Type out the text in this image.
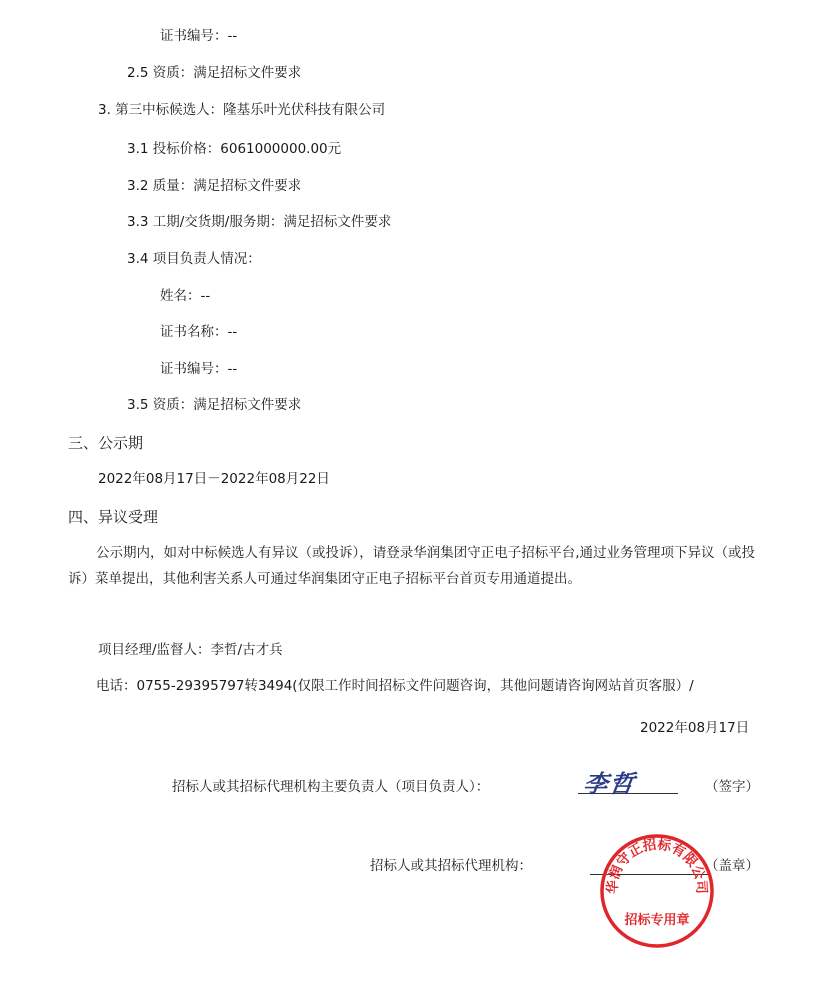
证书编号：--
2.5 资质：满足招标文件要求
3. 第三中标候选人：隆基乐叶光伏科技有限公司
3.1 投标价格：6061000000.00元
3.2 质量：满足招标文件要求
3.3 工期/交货期/服务期：满足招标文件要求
3.4 项目负责人情况：
姓名：--
证书名称：--
证书编号：--
3.5 资质：满足招标文件要求
三、公示期
2022年08月17日－2022年08月22日
四、异议受理
公示期内，如对中标候选人有异议（或投诉），请登录华润集团守正电子招标平台,通过业务管理项下异议（或投诉）菜单提出，其他利害关系人可通过华润集团守正电子招标平台首页专用通道提出。
项目经理/监督人：李哲/古才兵
电话：0755-29395797转3494(仅限工作时间招标文件问题咨询，其他问题请咨询网站首页客服）/
2022年08月17日
招标人或其招标代理机构主要负责人（项目负责人）：	李哲	（签字）
招标人或其招标代理机构：	（盖章）
华润守正招标有限公司
招标专用章
